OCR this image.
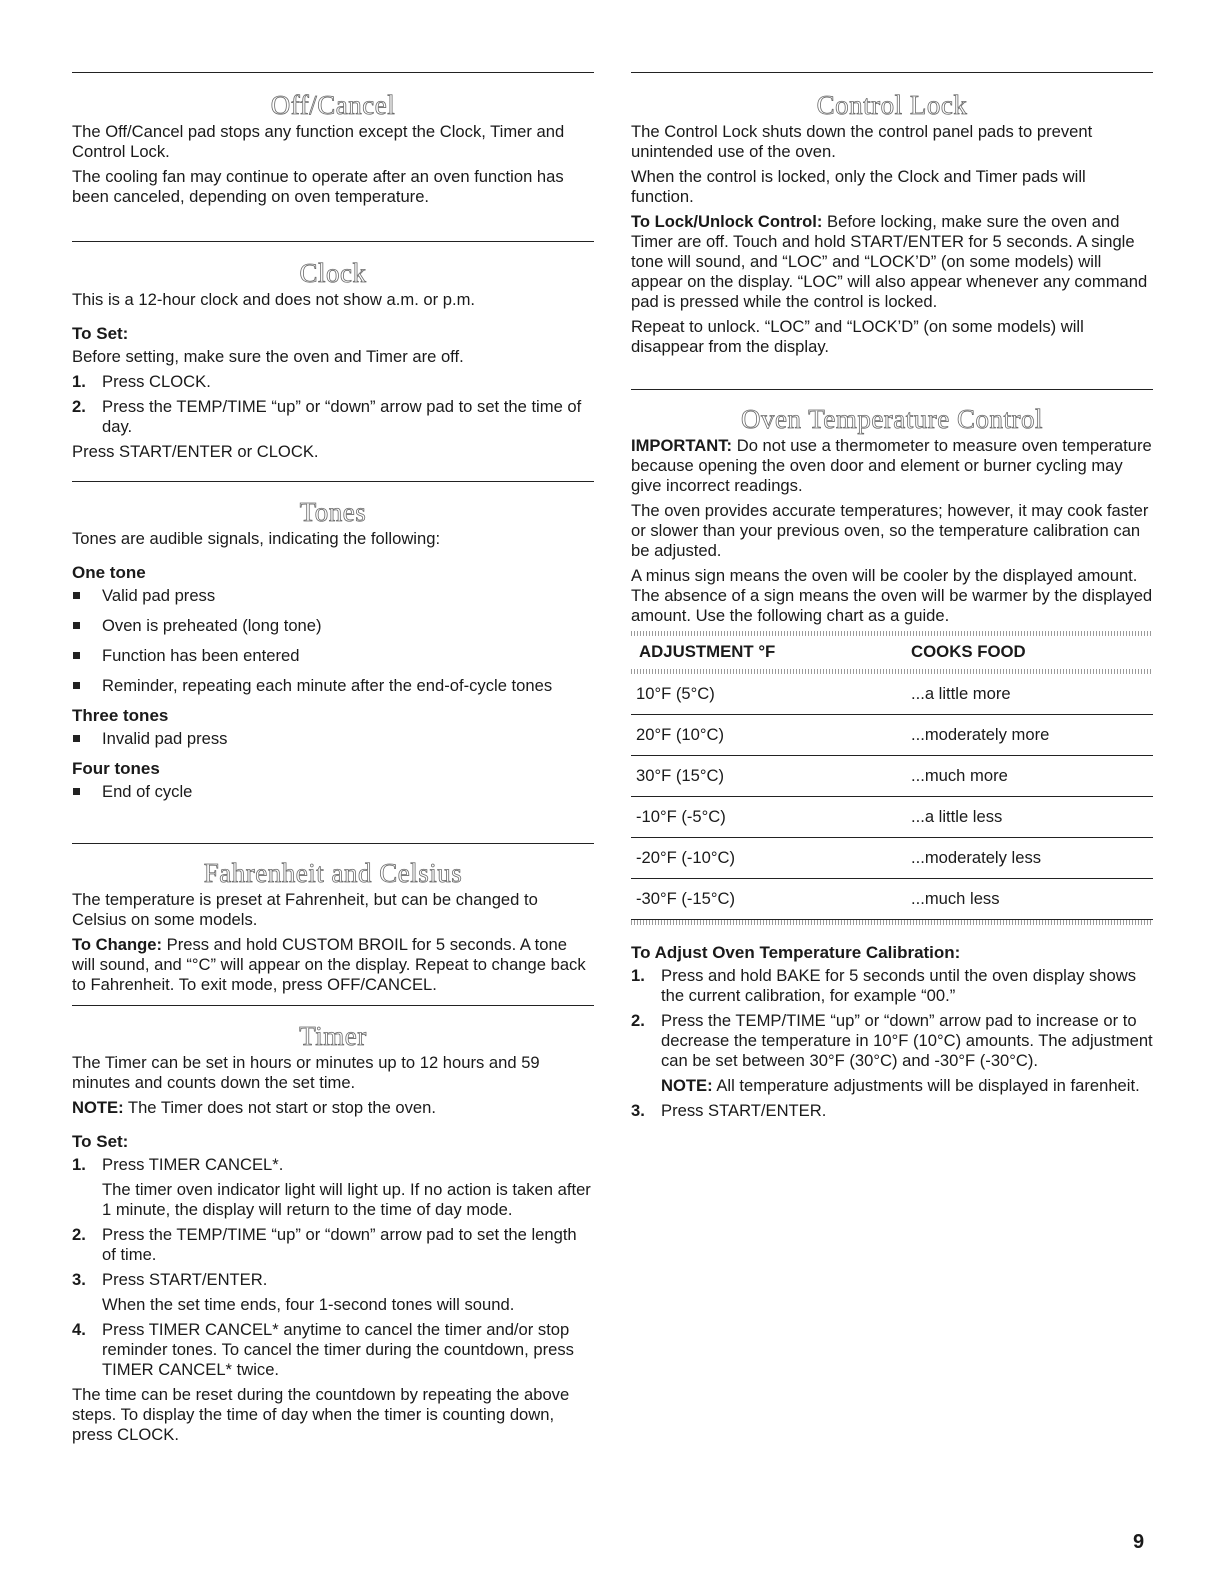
Off/Cancel

The Off/Cancel pad stops any function except the Clock, Timer and Control Lock.

The cooling fan may continue to operate after an oven function has been canceled, depending on oven temperature.

Clock

This is a 12-hour clock and does not show a.m. or p.m.

To Set:

Before setting, make sure the oven and Timer are off.

1. Press CLOCK.

2. Press the TEMP/TIME “up” or “down” arrow pad to set the time of day.

Press START/ENTER or CLOCK.

Tones

Tones are audible signals, indicating the following:

One tone
Valid pad press
Oven is preheated (long tone)
Function has been entered
Reminder, repeating each minute after the end-of-cycle tones
Three tones
Invalid pad press
Four tones
End of cycle
Fahrenheit and Celsius

The temperature is preset at Fahrenheit, but can be changed to Celsius on some models.

To Change: Press and hold CUSTOM BROIL for 5 seconds. A tone will sound, and “°C” will appear on the display. Repeat to change back to Fahrenheit. To exit mode, press OFF/CANCEL.

Timer

The Timer can be set in hours or minutes up to 12 hours and 59 minutes and counts down the set time.

NOTE: The Timer does not start or stop the oven.

To Set:
1. Press TIMER CANCEL*.

The timer oven indicator light will light up. If no action is taken after 1 minute, the display will return to the time of day mode.

2. Press the TEMP/TIME “up” or “down” arrow pad to set the length of time.

3. Press START/ENTER.

When the set time ends, four 1-second tones will sound.

4. Press TIMER CANCEL* anytime to cancel the timer and/or stop reminder tones. To cancel the timer during the countdown, press TIMER CANCEL* twice.

The time can be reset during the countdown by repeating the above steps. To display the time of day when the timer is counting down, press CLOCK.

Control Lock

The Control Lock shuts down the control panel pads to prevent unintended use of the oven.

When the control is locked, only the Clock and Timer pads will function.

To Lock/Unlock Control: Before locking, make sure the oven and Timer are off. Touch and hold START/ENTER for 5 seconds. A single tone will sound, and “LOC” and “LOCK’D” (on some models) will appear on the display. “LOC” will also appear whenever any command pad is pressed while the control is locked.

Repeat to unlock. “LOC” and “LOCK’D” (on some models) will disappear from the display.

Oven Temperature Control

IMPORTANT: Do not use a thermometer to measure oven temperature because opening the oven door and element or burner cycling may give incorrect readings.

The oven provides accurate temperatures; however, it may cook faster or slower than your previous oven, so the temperature calibration can be adjusted.

A minus sign means the oven will be cooler by the displayed amount. The absence of a sign means the oven will be warmer by the displayed amount. Use the following chart as a guide.

ADJUSTMENT °F	COOKS FOOD
10°F (5°C)	...a little more
20°F (10°C)	...moderately more
30°F (15°C)	...much more
-10°F (-5°C)	...a little less
-20°F (-10°C)	...moderately less
-30°F (-15°C)	...much less
To Adjust Oven Temperature Calibration:
1. Press and hold BAKE for 5 seconds until the oven display shows the current calibration, for example “00.”

2. Press the TEMP/TIME “up” or “down” arrow pad to increase or to decrease the temperature in 10°F (10°C) amounts. The adjustment can be set between 30°F (30°C) and -30°F (-30°C).

NOTE: All temperature adjustments will be displayed in farenheit.

3. Press START/ENTER.

9
